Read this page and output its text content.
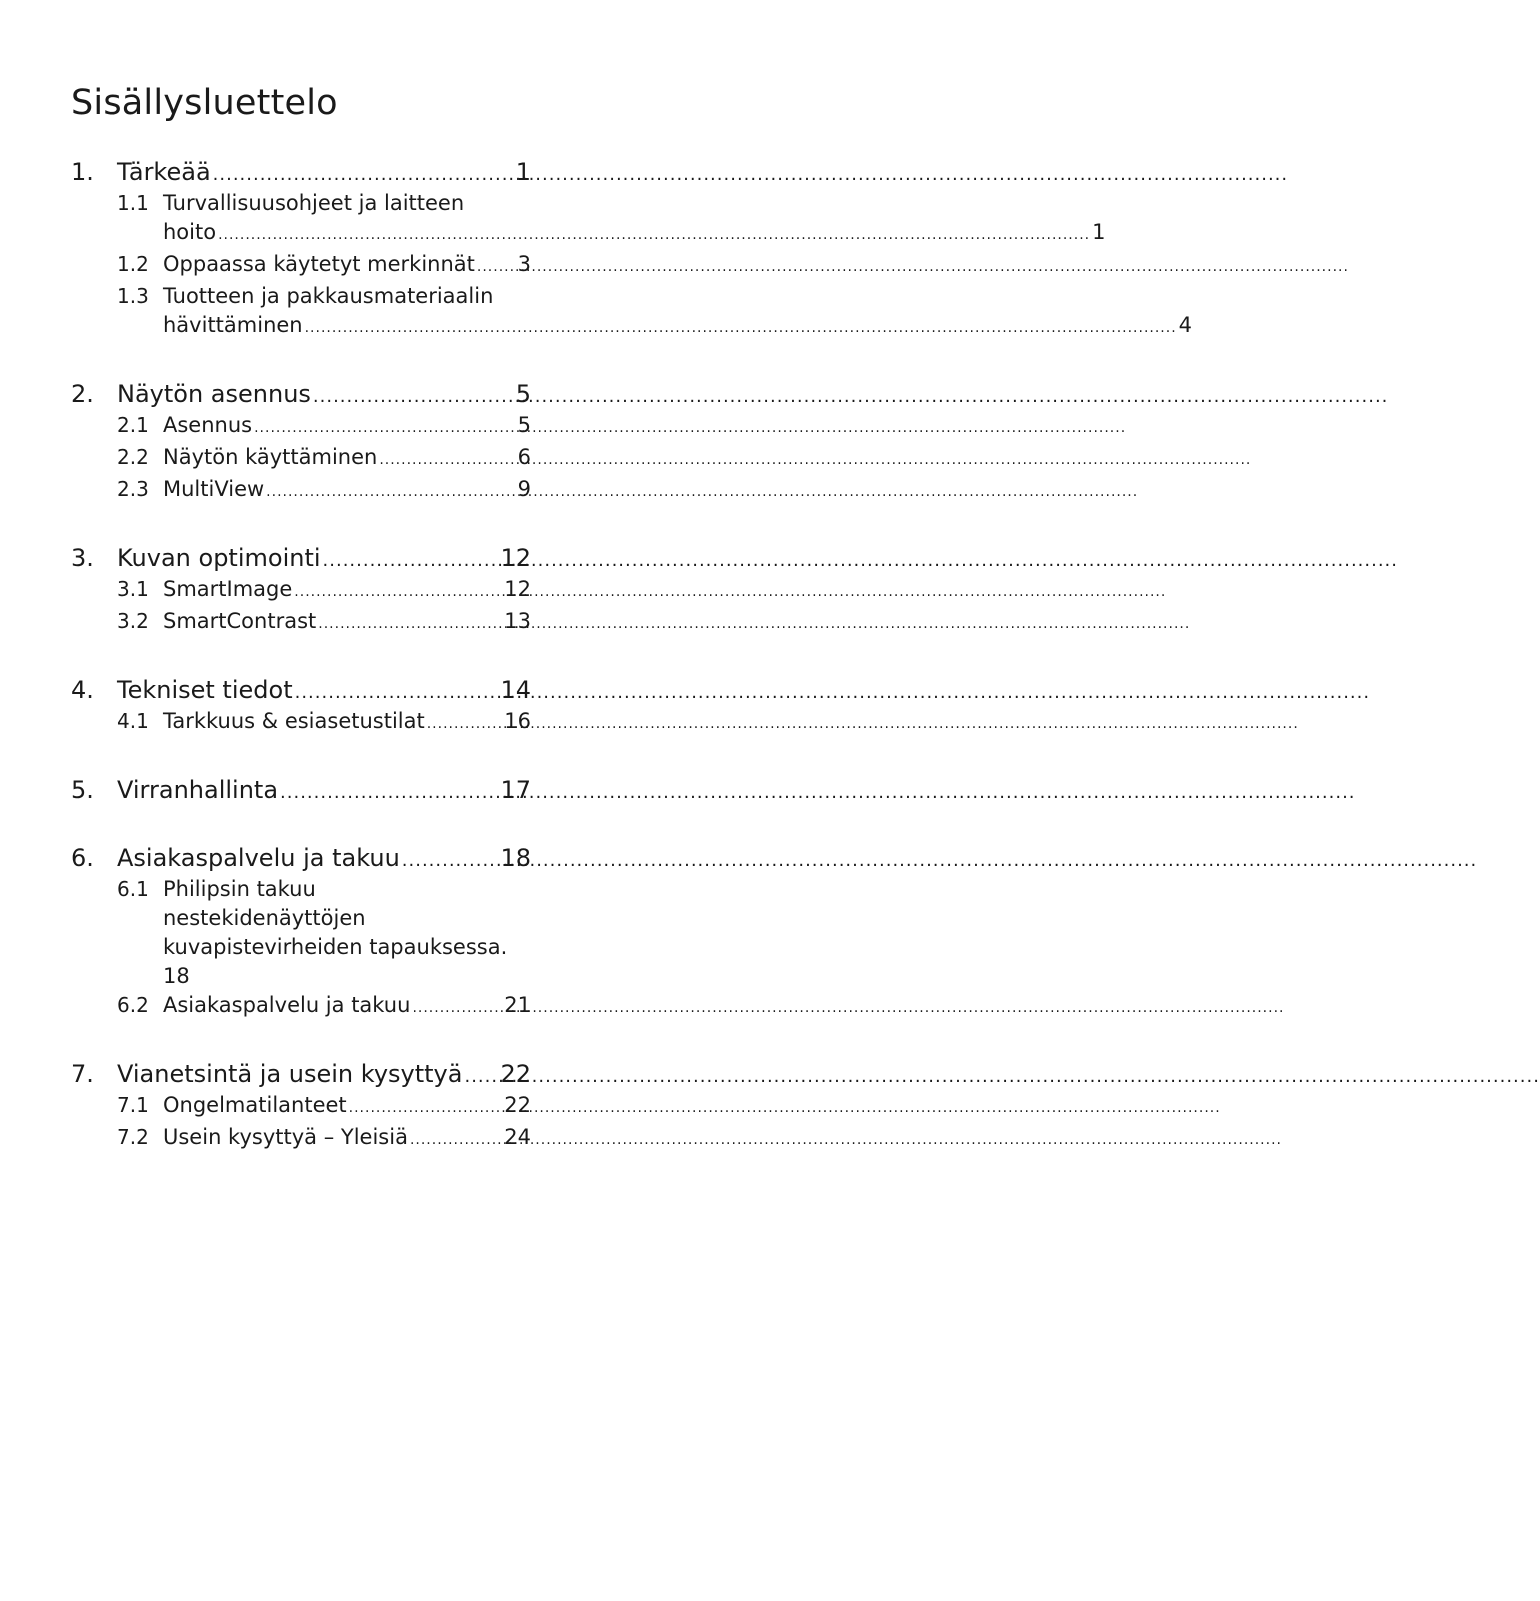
Sisällysluettelo
1. Tärkeää .....	1
1.1 Turvallisuusohjeet ja laitteen
hoito .....	1
1.2 Oppaassa käytetyt merkinnät ..... 3
1.3 Tuotteen ja pakkausmateriaalin
hävittäminen .....	4
2. Näytön asennus .....	5
2.1 Asennus .....	5
2.2 Näytön käyttäminen .....	6
2.3 MultiView .....	9
3. Kuvan optimointi .....	12
3.1 SmartImage .....	12
3.2 SmartContrast .....	13
4. Tekniset tiedot .....	14
4.1 Tarkkuus & esiasetustilat .....	16
5. Virranhallinta .....	17
6. Asiakaspalvelu ja takuu .....	18
6.1 Philipsin takuu
nestekidenäyttöjen
kuvapistevirheiden tapauksessa.
18
6.2 Asiakaspalvelu ja takuu .....	21
7. Vianetsintä ja usein kysyttyä ..... 22
7.1 Ongelmatilanteet .....	22
7.2 Usein kysyttyä – Yleisiä .....	24
